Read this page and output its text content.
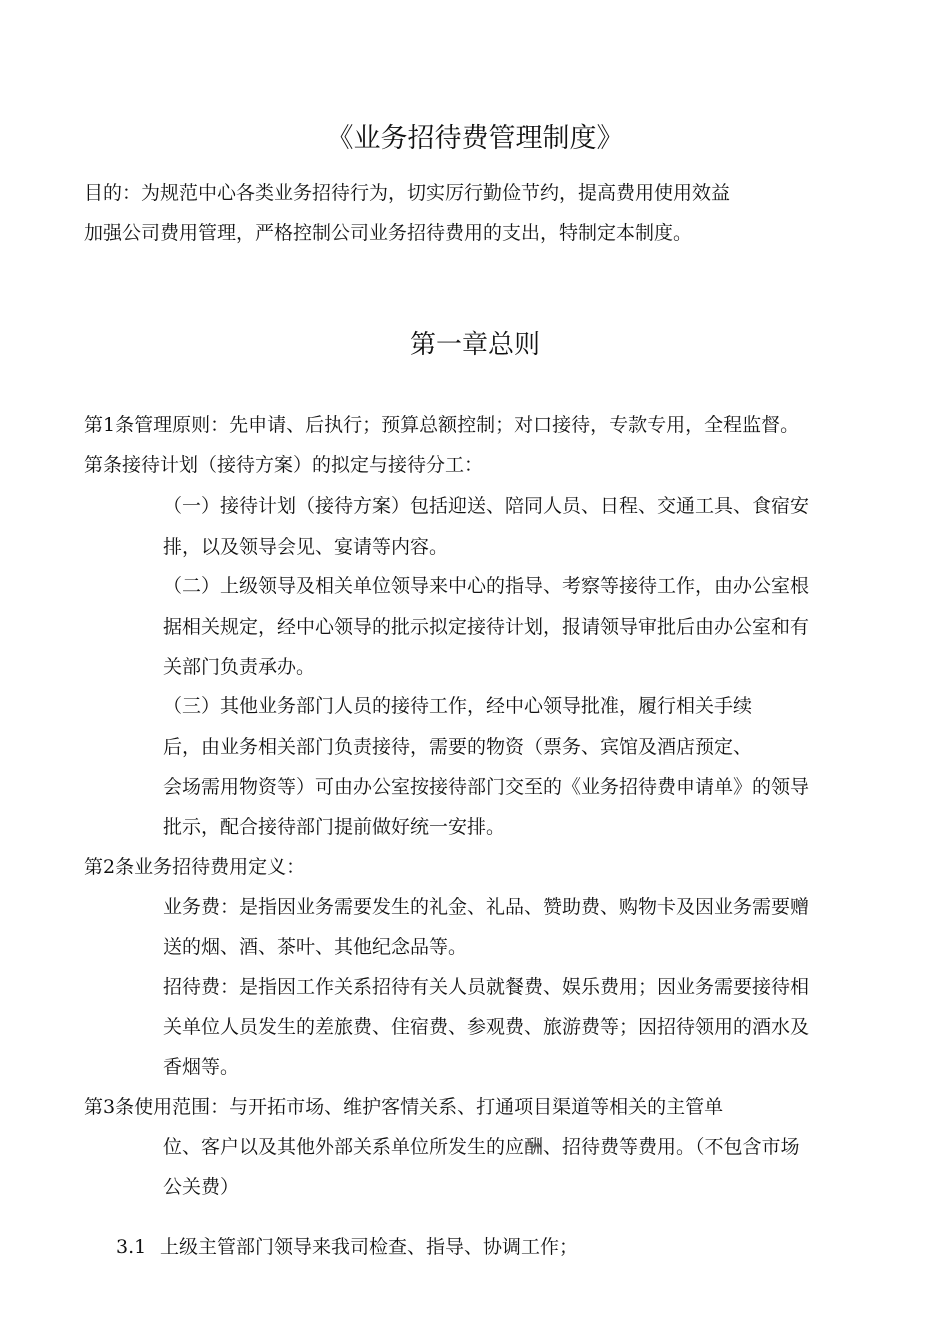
《业务招待费管理制度》
目的：为规范中心各类业务招待行为，切实厉行勤俭节约，提高费用使用效益
加强公司费用管理，严格控制公司业务招待费用的支出，特制定本制度。
第一章总则
第1条管理原则：先申请、后执行；预算总额控制；对口接待，专款专用，全程监督。
第条接待计划（接待方案）的拟定与接待分工：
（一）接待计划（接待方案）包括迎送、陪同人员、日程、交通工具、食宿安
排，以及领导会见、宴请等内容。
（二）上级领导及相关单位领导来中心的指导、考察等接待工作，由办公室根
据相关规定，经中心领导的批示拟定接待计划，报请领导审批后由办公室和有
关部门负责承办。
（三）其他业务部门人员的接待工作，经中心领导批准，履行相关手续
后，由业务相关部门负责接待，需要的物资（票务、宾馆及酒店预定、
会场需用物资等）可由办公室按接待部门交至的《业务招待费申请单》的领导
批示，配合接待部门提前做好统一安排。
第2条业务招待费用定义：
业务费：是指因业务需要发生的礼金、礼品、赞助费、购物卡及因业务需要赠
送的烟、酒、茶叶、其他纪念品等。
招待费：是指因工作关系招待有关人员就餐费、娱乐费用；因业务需要接待相
关单位人员发生的差旅费、住宿费、参观费、旅游费等；因招待领用的酒水及
香烟等。
第3条使用范围：与开拓市场、维护客情关系、打通项目渠道等相关的主管单
位、客户以及其他外部关系单位所发生的应酬、招待费等费用。（不包含市场
公关费）
3.1 上级主管部门领导来我司检查、指导、协调工作；
